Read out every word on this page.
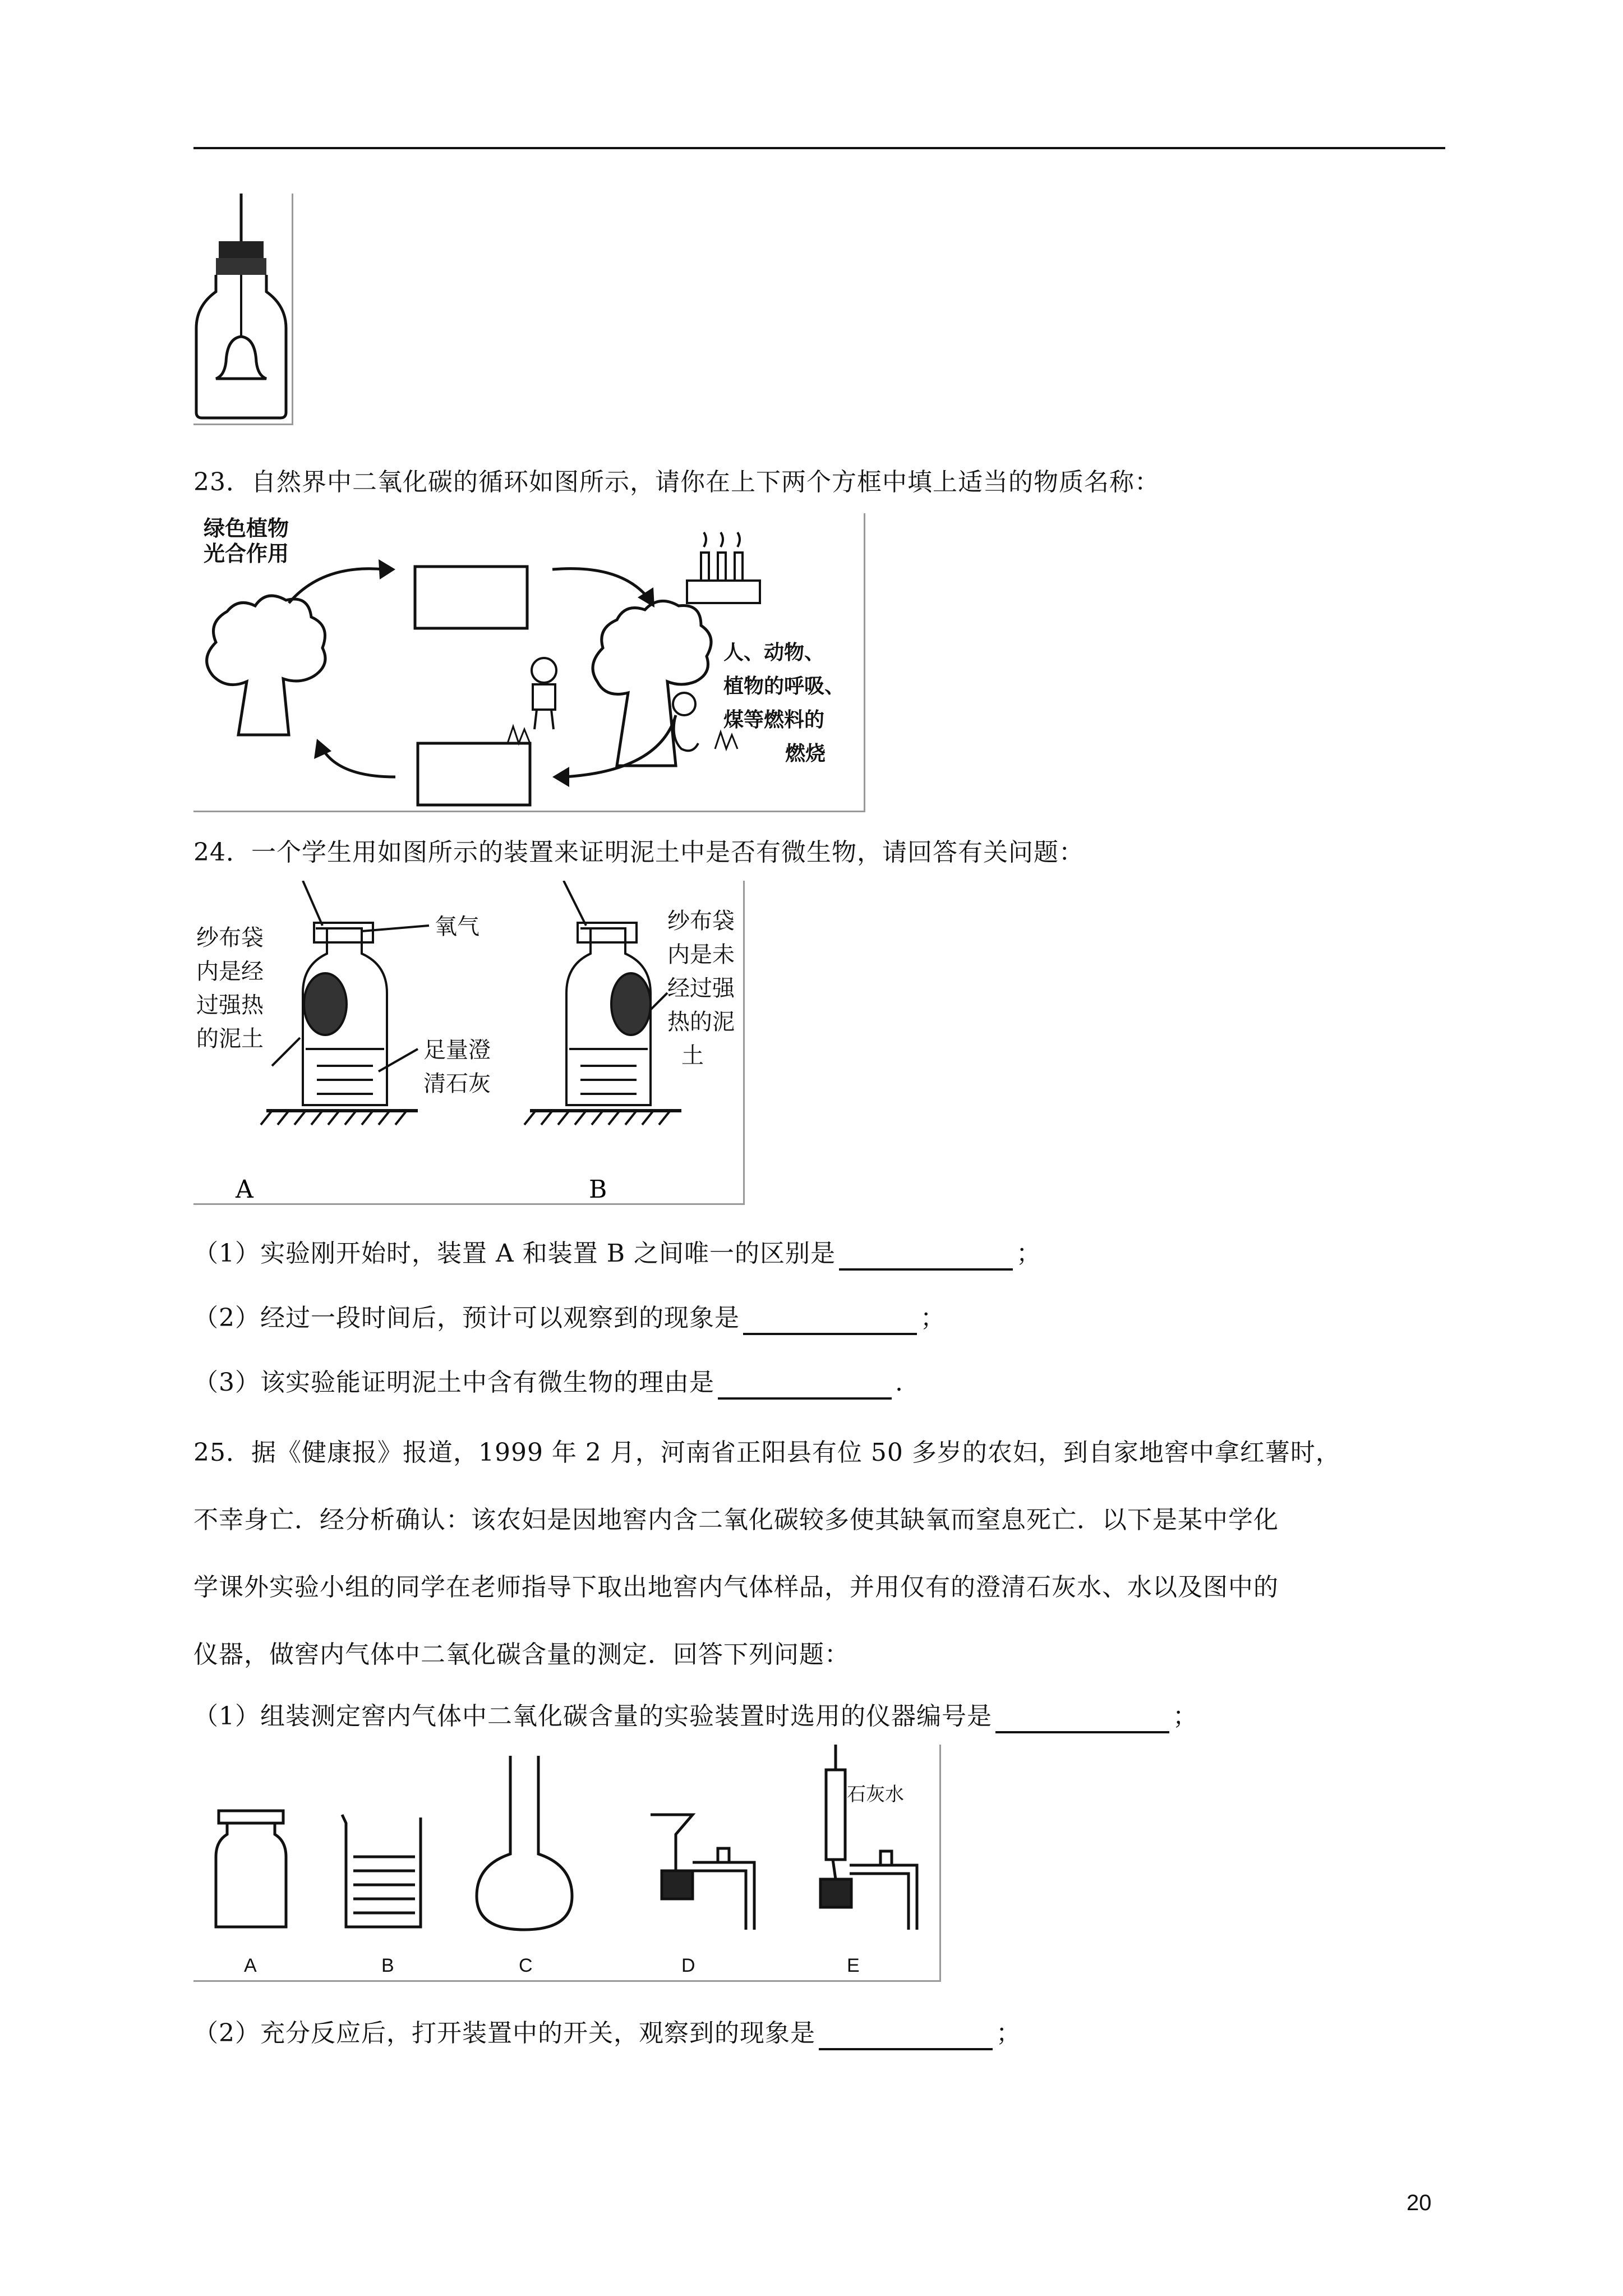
23．自然界中二氧化碳的循环如图所示，请你在上下两个方框中填上适当的物质名称：
绿色植物
光合作用
人、动物、
植物的呼吸、
煤等燃料的
燃烧
24．一个学生用如图所示的装置来证明泥土中是否有微生物，请回答有关问题：
纱布袋
内是经
过强热
的泥土
氧气
足量澄
清石灰
纱布袋
内是未
经过强
热的泥
土
A	B
（1）实验刚开始时，装置 A 和装置 B 之间唯一的区别是	；
（2）经过一段时间后，预计可以观察到的现象是	；
（3）该实验能证明泥土中含有微生物的理由是	.
25．据《健康报》报道，1999 年 2 月，河南省正阳县有位 50 多岁的农妇，到自家地窖中拿红薯时，
不幸身亡．经分析确认：该农妇是因地窖内含二氧化碳较多使其缺氧而窒息死亡．以下是某中学化
学课外实验小组的同学在老师指导下取出地窖内气体样品，并用仅有的澄清石灰水、水以及图中的
仪器，做窖内气体中二氧化碳含量的测定．回答下列问题：
（1）组装测定窖内气体中二氧化碳含量的实验装置时选用的仪器编号是	；
石灰水
A	B	C	D	E
（2）充分反应后，打开装置中的开关，观察到的现象是	；
20
